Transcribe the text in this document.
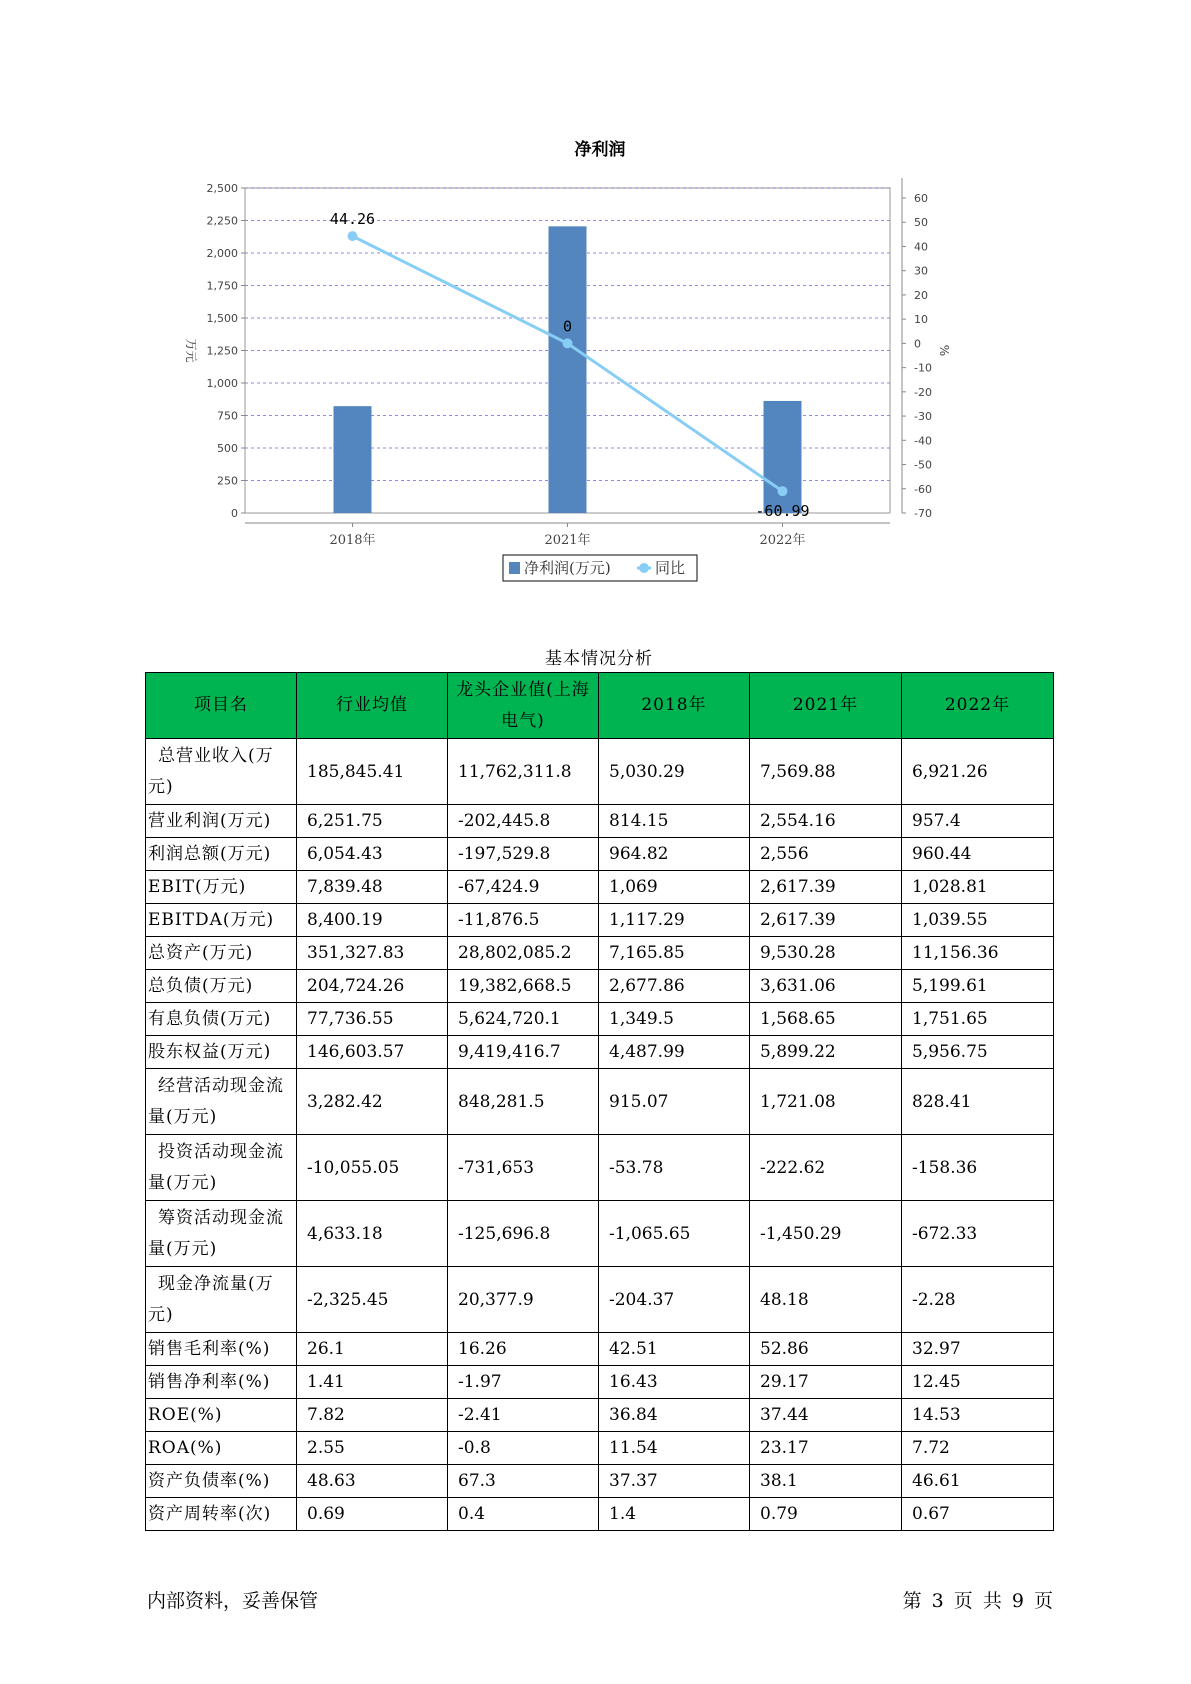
净利润
0
250
500
750
1,000
1,250
1,500
1,750
2,000
2,250
2,500
万元
60
50
40
30
20
10
0
-10
-20
-30
-40
-50
-60
-70
%
2018年	2021年	2022年
44.26
0
-60.99
净利润(万元)	同比
基本情况分析
项目名	行业均值	龙头企业值(上海电气)	2018年	2021年	2022年
总营业收入(万元)	185,845.41	11,762,311.8	5,030.29	7,569.88	6,921.26
营业利润(万元)	6,251.75	-202,445.8	814.15	2,554.16	957.4
利润总额(万元)	6,054.43	-197,529.8	964.82	2,556	960.44
EBIT(万元)	7,839.48	-67,424.9	1,069	2,617.39	1,028.81
EBITDA(万元)	8,400.19	-11,876.5	1,117.29	2,617.39	1,039.55
总资产(万元)	351,327.83	28,802,085.2	7,165.85	9,530.28	11,156.36
总负债(万元)	204,724.26	19,382,668.5	2,677.86	3,631.06	5,199.61
有息负债(万元)	77,736.55	5,624,720.1	1,349.5	1,568.65	1,751.65
股东权益(万元)	146,603.57	9,419,416.7	4,487.99	5,899.22	5,956.75
经营活动现金流量(万元)	3,282.42	848,281.5	915.07	1,721.08	828.41
投资活动现金流量(万元)	-10,055.05	-731,653	-53.78	-222.62	-158.36
筹资活动现金流量(万元)	4,633.18	-125,696.8	-1,065.65	-1,450.29	-672.33
现金净流量(万元)	-2,325.45	20,377.9	-204.37	48.18	-2.28
销售毛利率(%)	26.1	16.26	42.51	52.86	32.97
销售净利率(%)	1.41	-1.97	16.43	29.17	12.45
ROE(%)	7.82	-2.41	36.84	37.44	14.53
ROA(%)	2.55	-0.8	11.54	23.17	7.72
资产负债率(%)	48.63	67.3	37.37	38.1	46.61
资产周转率(次)	0.69	0.4	1.4	0.79	0.67
内部资料，妥善保管	第 3 页 共 9 页
